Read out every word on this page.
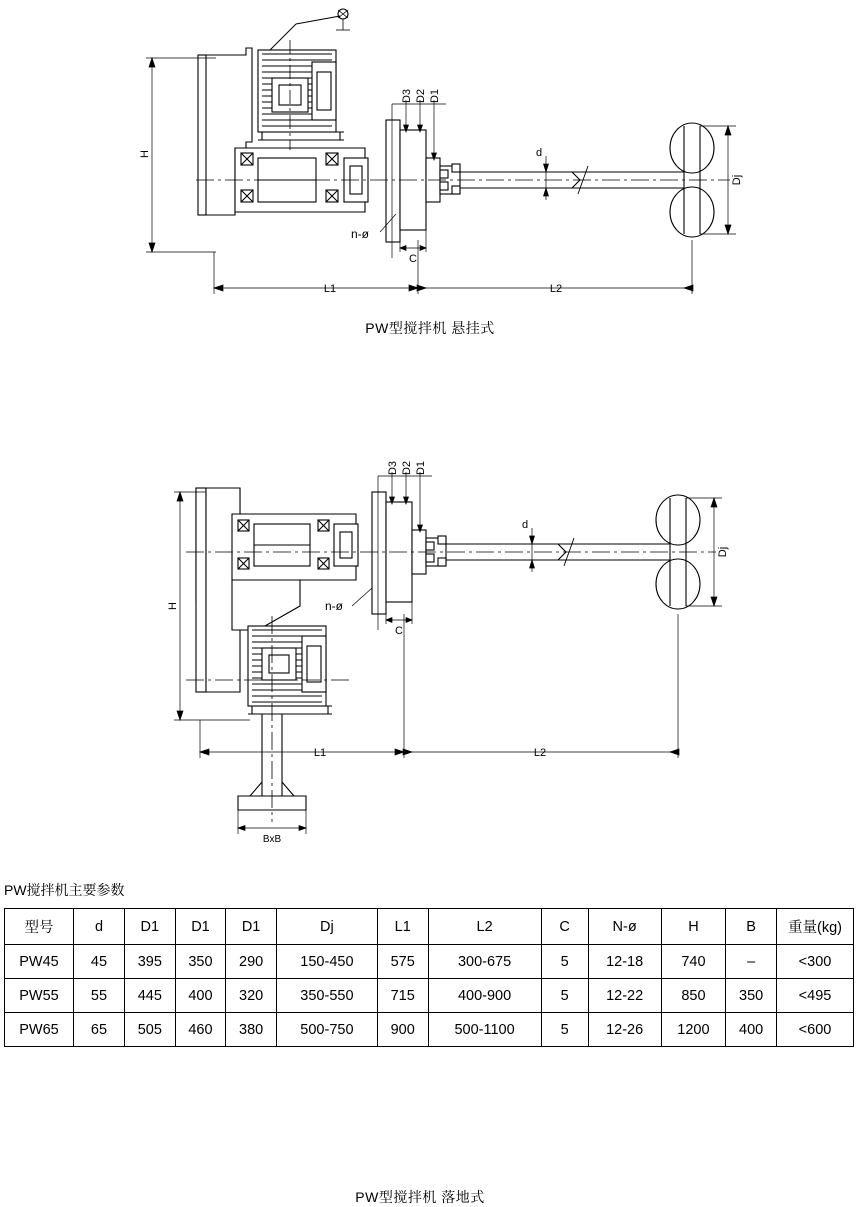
H
D3 D2 D1
d
Dj
n-ø
C
L1	L2
PW型搅拌机 悬挂式
H
D3 D2 D1
d
Dj
n-ø
C
L1	L2
BxB
PW型搅拌机 落地式
PW搅拌机主要参数
型号	d	D1	D1	D1	Dj	L1	L2	C	N-ø	H	B	重量(kg)
PW45	45	395	350	290	150-450	575	300-675	5	12-18	740	–	<300
PW55	55	445	400	320	350-550	715	400-900	5	12-22	850	350	<495
PW65	65	505	460	380	500-750	900	500-1100	5	12-26	1200	400	<600
